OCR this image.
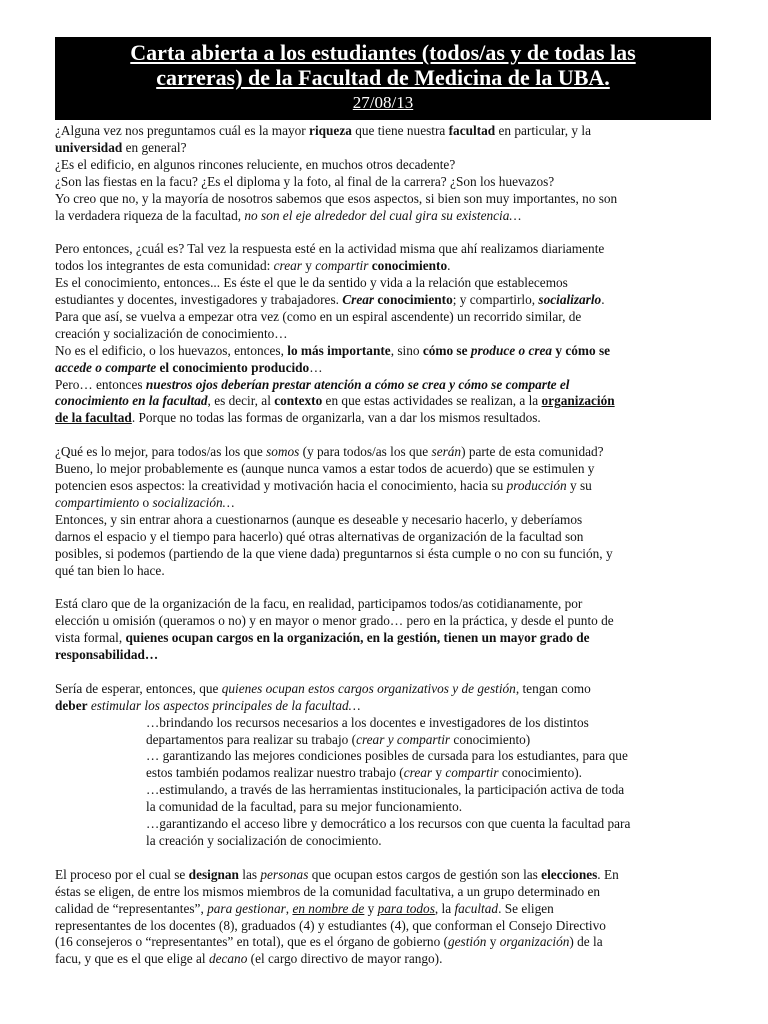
Carta abierta a los estudiantes (todos/as y de todas las
carreras) de la Facultad de Medicina de la UBA.
27/08/13

¿Alguna vez nos preguntamos cuál es la mayor riqueza que tiene nuestra facultad en particular, y la

universidad en general?

¿Es el edificio, en algunos rincones reluciente, en muchos otros decadente?

¿Son las fiestas en la facu? ¿Es el diploma y la foto, al final de la carrera? ¿Son los huevazos?

Yo creo que no, y la mayoría de nosotros sabemos que esos aspectos, si bien son muy importantes, no son

la verdadera riqueza de la facultad, no son el eje alrededor del cual gira su existencia…

Pero entonces, ¿cuál es? Tal vez la respuesta esté en la actividad misma que ahí realizamos diariamente

todos los integrantes de esta comunidad: crear y compartir conocimiento.

Es el conocimiento, entonces... Es éste el que le da sentido y vida a la relación que establecemos

estudiantes y docentes, investigadores y trabajadores. Crear conocimiento; y compartirlo, socializarlo.

Para que así, se vuelva a empezar otra vez (como en un espiral ascendente) un recorrido similar, de

creación y socialización de conocimiento…

No es el edificio, o los huevazos, entonces, lo más importante, sino cómo se produce o crea y cómo se

accede o comparte el conocimiento producido…

Pero… entonces nuestros ojos deberían prestar atención a cómo se crea y cómo se comparte el

conocimiento en la facultad, es decir, al contexto en que estas actividades se realizan, a la organización

de la facultad. Porque no todas las formas de organizarla, van a dar los mismos resultados.

¿Qué es lo mejor, para todos/as los que somos (y para todos/as los que serán) parte de esta comunidad?

Bueno, lo mejor probablemente es (aunque nunca vamos a estar todos de acuerdo) que se estimulen y

potencien esos aspectos: la creatividad y motivación hacia el conocimiento, hacia su producción y su

compartimiento o socialización…

Entonces, y sin entrar ahora a cuestionarnos (aunque es deseable y necesario hacerlo, y deberíamos

darnos el espacio y el tiempo para hacerlo) qué otras alternativas de organización de la facultad son

posibles, si podemos (partiendo de la que viene dada) preguntarnos si ésta cumple o no con su función, y

qué tan bien lo hace.

Está claro que de la organización de la facu, en realidad, participamos todos/as cotidianamente, por

elección u omisión (queramos o no) y en mayor o menor grado… pero en la práctica, y desde el punto de

vista formal, quienes ocupan cargos en la organización, en la gestión, tienen un mayor grado de

responsabilidad…

Sería de esperar, entonces, que quienes ocupan estos cargos organizativos y de gestión, tengan como

deber estimular los aspectos principales de la facultad…

…brindando los recursos necesarios a los docentes e investigadores de los distintos

departamentos para realizar su trabajo (crear y compartir conocimiento)

… garantizando las mejores condiciones posibles de cursada para los estudiantes, para que

estos también podamos realizar nuestro trabajo (crear y compartir conocimiento).

…estimulando, a través de las herramientas institucionales, la participación activa de toda

la comunidad de la facultad, para su mejor funcionamiento.

…garantizando el acceso libre y democrático a los recursos con que cuenta la facultad para

la creación y socialización de conocimiento.

El proceso por el cual se designan las personas que ocupan estos cargos de gestión son las elecciones. En

éstas se eligen, de entre los mismos miembros de la comunidad facultativa, a un grupo determinado en

calidad de “representantes”, para gestionar, en nombre de y para todos, la facultad. Se eligen

representantes de los docentes (8), graduados (4) y estudiantes (4), que conforman el Consejo Directivo

(16 consejeros o “representantes” en total), que es el órgano de gobierno (gestión y organización) de la

facu, y que es el que elige al decano (el cargo directivo de mayor rango).
